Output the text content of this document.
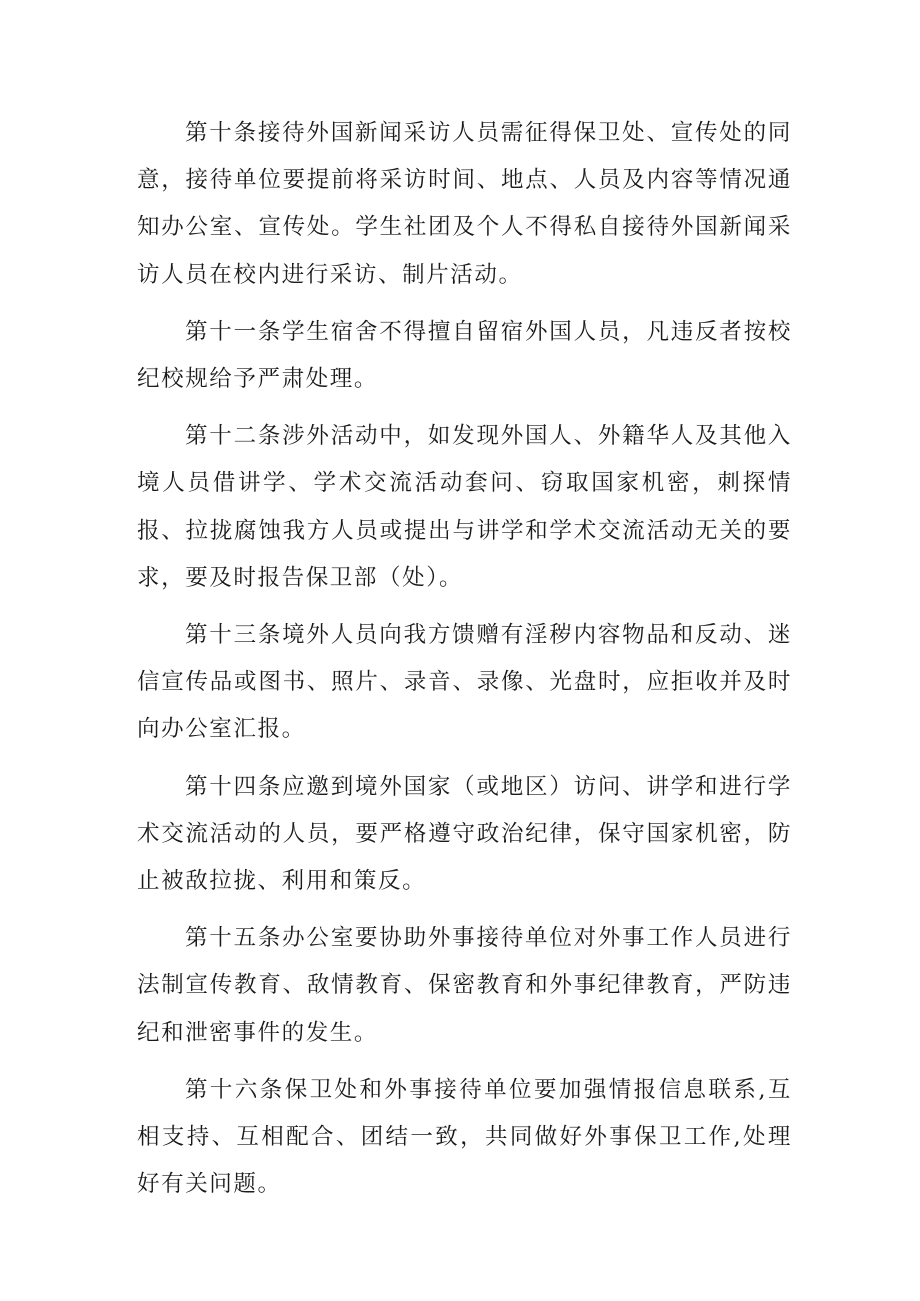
第十条接待外国新闻采访人员需征得保卫处、宣传处的同意，接待单位要提前将采访时间、地点、人员及内容等情况通知办公室、宣传处。学生社团及个人不得私自接待外国新闻采访人员在校内进行采访、制片活动。

第十一条学生宿舍不得擅自留宿外国人员，凡违反者按校纪校规给予严肃处理。

第十二条涉外活动中，如发现外国人、外籍华人及其他入境人员借讲学、学术交流活动套问、窃取国家机密，刺探情报、拉拢腐蚀我方人员或提出与讲学和学术交流活动无关的要求，要及时报告保卫部（处）。

第十三条境外人员向我方馈赠有淫秽内容物品和反动、迷信宣传品或图书、照片、录音、录像、光盘时，应拒收并及时向办公室汇报。

第十四条应邀到境外国家（或地区）访问、讲学和进行学术交流活动的人员，要严格遵守政治纪律，保守国家机密，防止被敌拉拢、利用和策反。

第十五条办公室要协助外事接待单位对外事工作人员进行法制宣传教育、敌情教育、保密教育和外事纪律教育，严防违纪和泄密事件的发生。

第十六条保卫处和外事接待单位要加强情报信息联系,互相支持、互相配合、团结一致，共同做好外事保卫工作,处理好有关问题。
